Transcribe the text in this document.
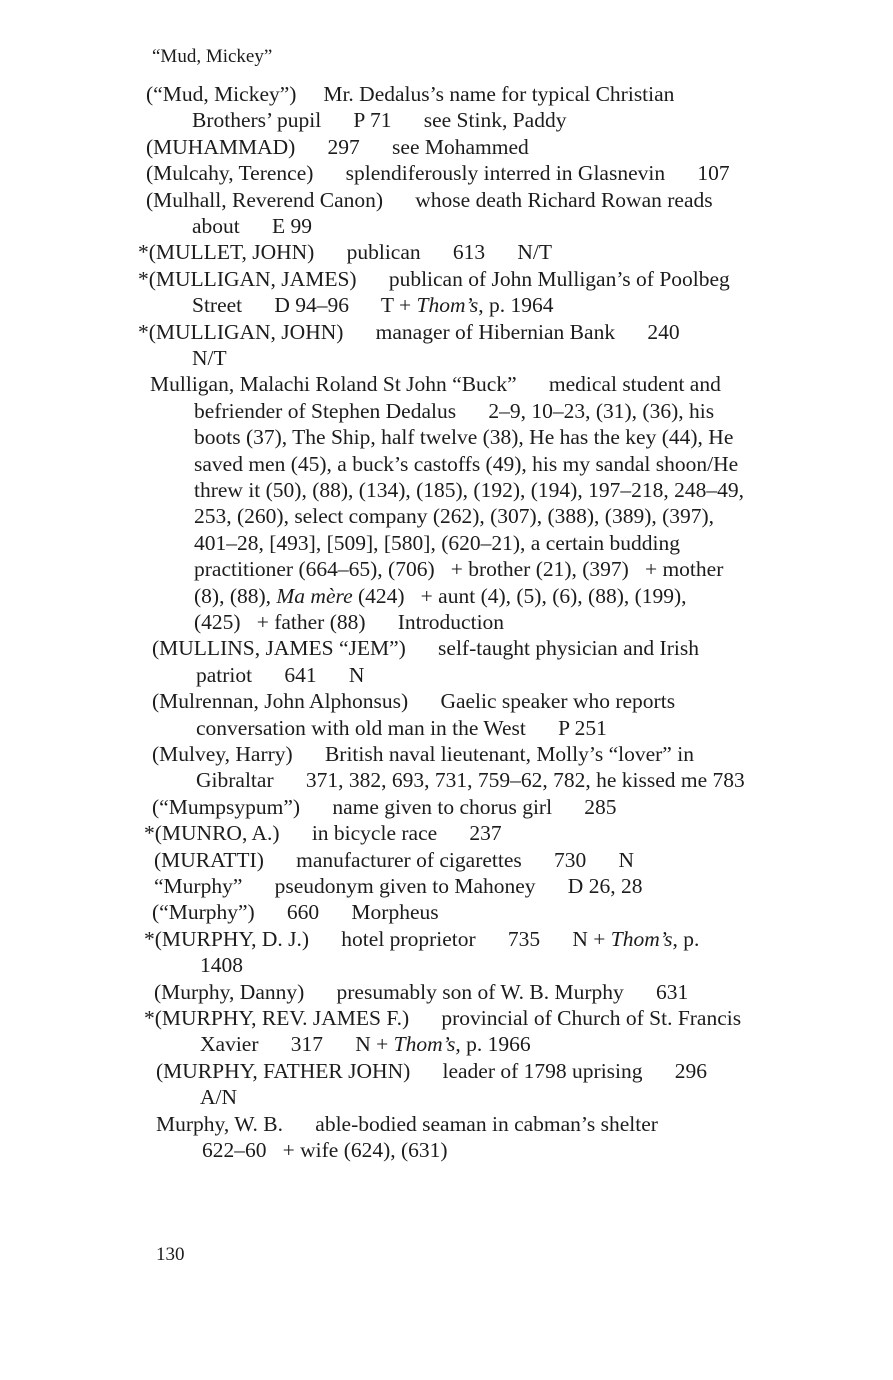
“Mud, Mickey”
(“Mud, Mickey”)     Mr. Dedalus’s name for typical Christian
Brothers’ pupil      P 71      see Stink, Paddy
(MUHAMMAD)      297      see Mohammed
(Mulcahy, Terence)      splendiferously interred in Glasnevin      107
(Mulhall, Reverend Canon)      whose death Richard Rowan reads
about      E 99
*(MULLET, JOHN)      publican      613      N/T
*(MULLIGAN, JAMES)      publican of John Mulligan’s of Poolbeg
Street      D 94–96      T + Thom’s, p. 1964
*(MULLIGAN, JOHN)      manager of Hibernian Bank      240
N/T
Mulligan, Malachi Roland St John “Buck”      medical student and
befriender of Stephen Dedalus      2–9, 10–23, (31), (36), his
boots (37), The Ship, half twelve (38), He has the key (44), He
saved men (45), a buck’s castoffs (49), his my sandal shoon/He
threw it (50), (88), (134), (185), (192), (194), 197–218, 248–49,
253, (260), select company (262), (307), (388), (389), (397),
401–28, [493], [509], [580], (620–21), a certain budding
practitioner (664–65), (706)   + brother (21), (397)   + mother
(8), (88), Ma mère (424)   + aunt (4), (5), (6), (88), (199),
(425)   + father (88)      Introduction
(MULLINS, JAMES “JEM”)      self-taught physician and Irish
patriot      641      N
(Mulrennan, John Alphonsus)      Gaelic speaker who reports
conversation with old man in the West      P 251
(Mulvey, Harry)      British naval lieutenant, Molly’s “lover” in
Gibraltar      371, 382, 693, 731, 759–62, 782, he kissed me 783
(“Mumpsypum”)      name given to chorus girl      285
*(MUNRO, A.)      in bicycle race      237
(MURATTI)      manufacturer of cigarettes      730      N
“Murphy”      pseudonym given to Mahoney      D 26, 28
(“Murphy”)      660      Morpheus
*(MURPHY, D. J.)      hotel proprietor      735      N + Thom’s, p.
1408
(Murphy, Danny)      presumably son of W. B. Murphy      631
*(MURPHY, REV. JAMES F.)      provincial of Church of St. Francis
Xavier      317      N + Thom’s, p. 1966
(MURPHY, FATHER JOHN)      leader of 1798 uprising      296
A/N
Murphy, W. B.      able-bodied seaman in cabman’s shelter
622–60   + wife (624), (631)
130
